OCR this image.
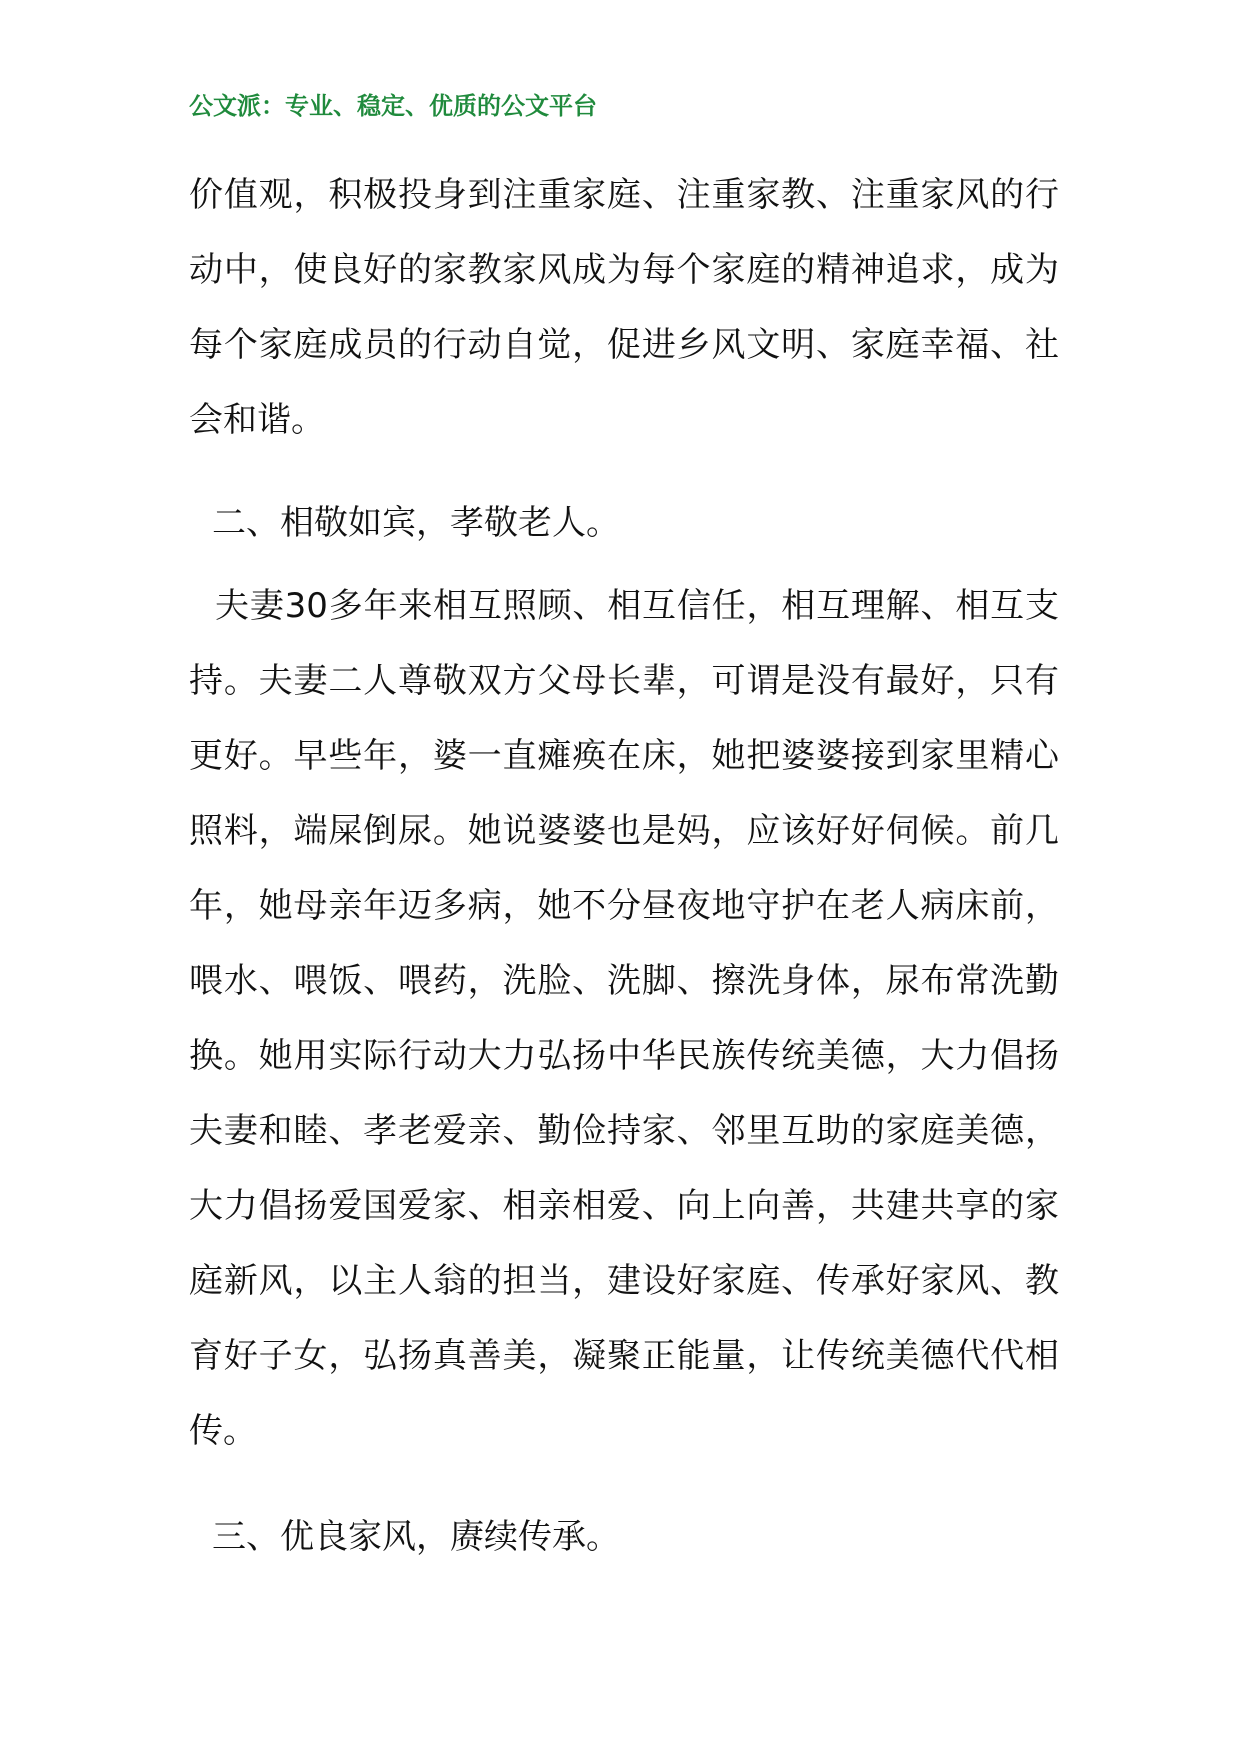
公文派：专业、稳定、优质的公文平台

价值观，积极投身到注重家庭、注重家教、注重家风的行动中，使良好的家教家风成为每个家庭的精神追求，成为每个家庭成员的行动自觉，促进乡风文明、家庭幸福、社会和谐。

二、相敬如宾，孝敬老人。

夫妻30多年来相互照顾、相互信任，相互理解、相互支持。夫妻二人尊敬双方父母长辈，可谓是没有最好，只有更好。早些年，婆一直瘫痪在床，她把婆婆接到家里精心照料，端屎倒尿。她说婆婆也是妈，应该好好伺候。前几年，她母亲年迈多病，她不分昼夜地守护在老人病床前，喂水、喂饭、喂药，洗脸、洗脚、擦洗身体，尿布常洗勤换。她用实际行动大力弘扬中华民族传统美德，大力倡扬夫妻和睦、孝老爱亲、勤俭持家、邻里互助的家庭美德，大力倡扬爱国爱家、相亲相爱、向上向善，共建共享的家庭新风，以主人翁的担当，建设好家庭、传承好家风、教育好子女，弘扬真善美，凝聚正能量，让传统美德代代相传。

三、优良家风，赓续传承。
